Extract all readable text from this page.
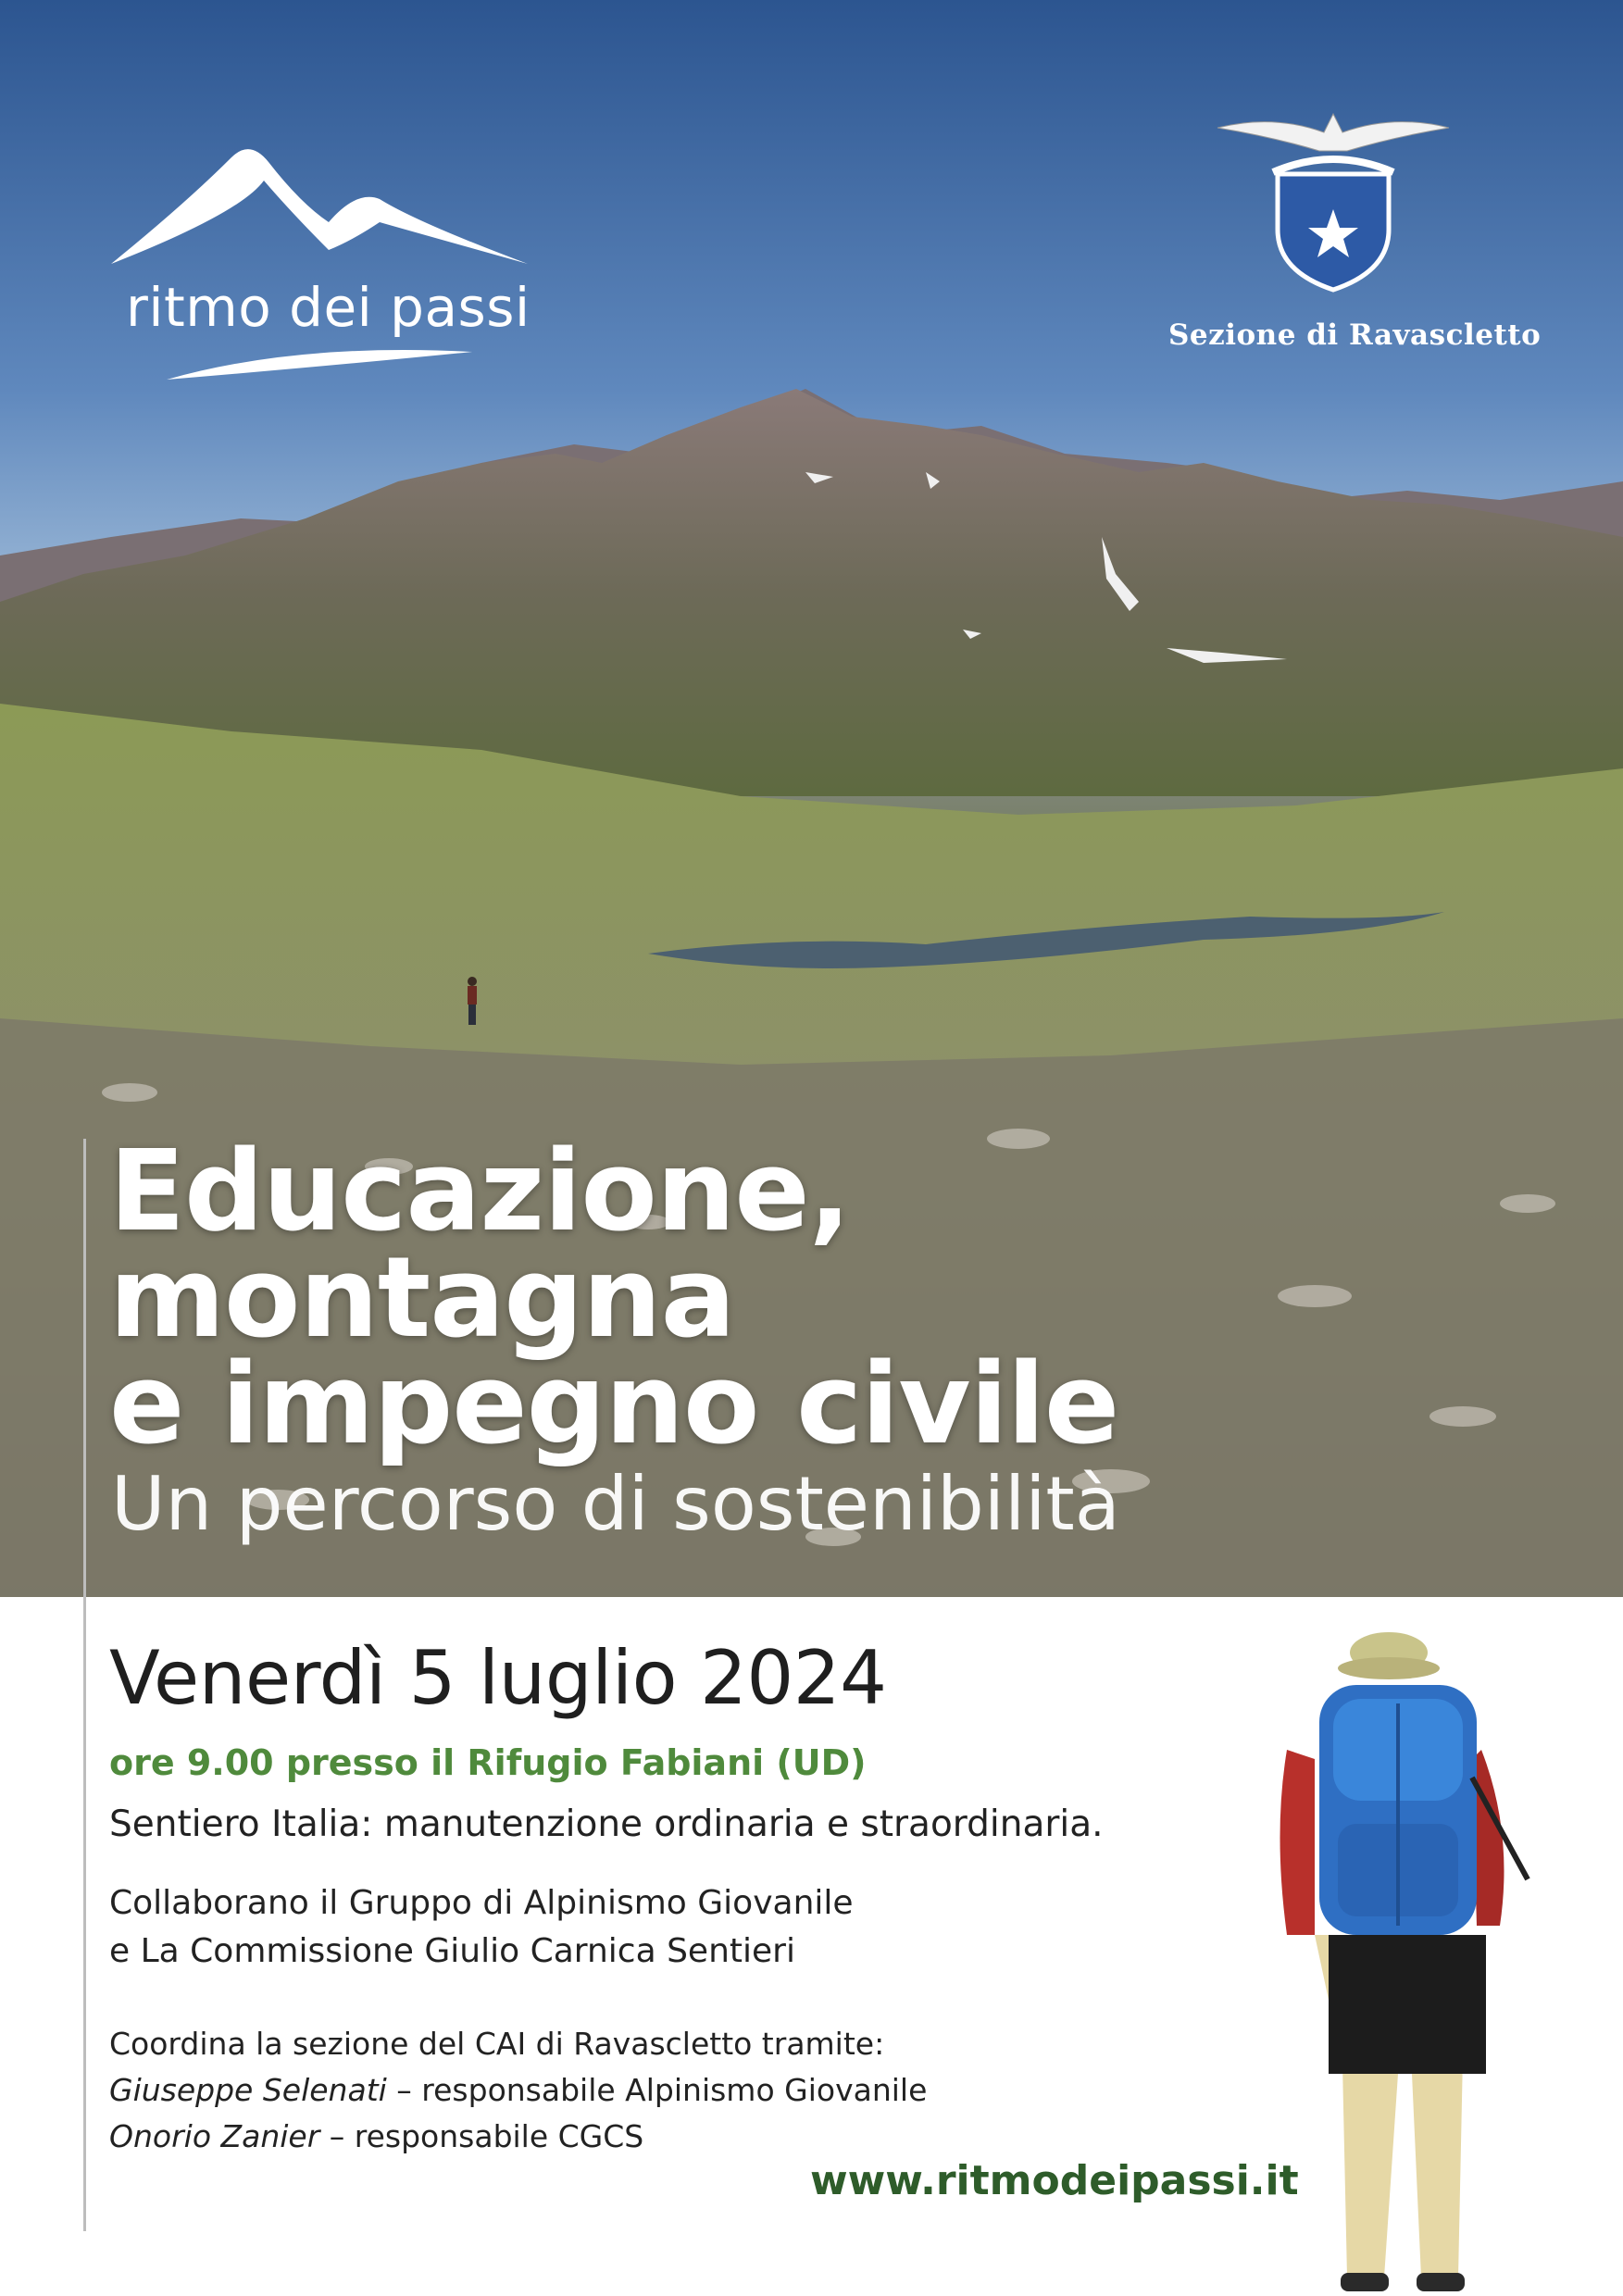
ritmo dei passi	Sezione di Ravascletto
Educazione,
montagna
e impegno civile
Un percorso di sostenibilità
Venerdì 5 luglio 2024
ore 9.00 presso il Rifugio Fabiani (UD)
Sentiero Italia: manutenzione ordinaria e straordinaria.
Collaborano il Gruppo di Alpinismo Giovanile
e La Commissione Giulio Carnica Sentieri
Coordina la sezione del CAI di Ravascletto tramite:
Giuseppe Selenati – responsabile Alpinismo Giovanile
Onorio Zanier – responsabile CGCS
www.ritmodeipassi.it
